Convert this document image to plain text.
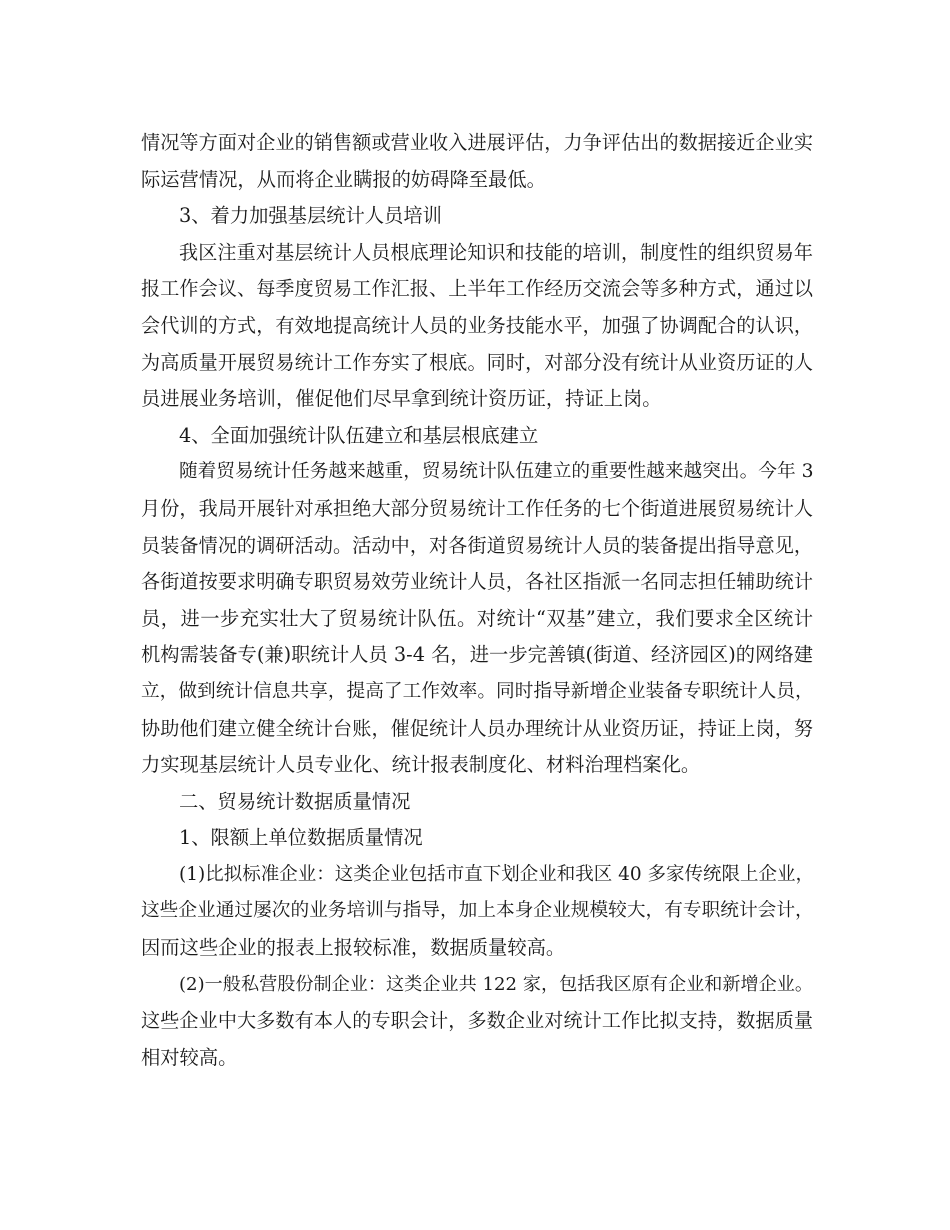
情况等方面对企业的销售额或营业收入进展评估，力争评估出的数据接近企业实
际运营情况，从而将企业瞒报的妨碍降至最低。
3、着力加强基层统计人员培训
我区注重对基层统计人员根底理论知识和技能的培训，制度性的组织贸易年
报工作会议、每季度贸易工作汇报、上半年工作经历交流会等多种方式，通过以
会代训的方式，有效地提高统计人员的业务技能水平，加强了协调配合的认识，
为高质量开展贸易统计工作夯实了根底。同时，对部分没有统计从业资历证的人
员进展业务培训，催促他们尽早拿到统计资历证，持证上岗。
4、全面加强统计队伍建立和基层根底建立
随着贸易统计任务越来越重，贸易统计队伍建立的重要性越来越突出。今年 3
月份，我局开展针对承担绝大部分贸易统计工作任务的七个街道进展贸易统计人
员装备情况的调研活动。活动中，对各街道贸易统计人员的装备提出指导意见，
各街道按要求明确专职贸易效劳业统计人员，各社区指派一名同志担任辅助统计
员，进一步充实壮大了贸易统计队伍。对统计“双基”建立，我们要求全区统计
机构需装备专(兼)职统计人员 3-4 名，进一步完善镇(街道、经济园区)的网络建
立，做到统计信息共享，提高了工作效率。同时指导新增企业装备专职统计人员，
协助他们建立健全统计台账，催促统计人员办理统计从业资历证，持证上岗，努
力实现基层统计人员专业化、统计报表制度化、材料治理档案化。
二、贸易统计数据质量情况
1、限额上单位数据质量情况
(1)比拟标准企业：这类企业包括市直下划企业和我区 40 多家传统限上企业，
这些企业通过屡次的业务培训与指导，加上本身企业规模较大，有专职统计会计，
因而这些企业的报表上报较标准，数据质量较高。
(2)一般私营股份制企业：这类企业共 122 家，包括我区原有企业和新增企业。
这些企业中大多数有本人的专职会计，多数企业对统计工作比拟支持，数据质量
相对较高。
